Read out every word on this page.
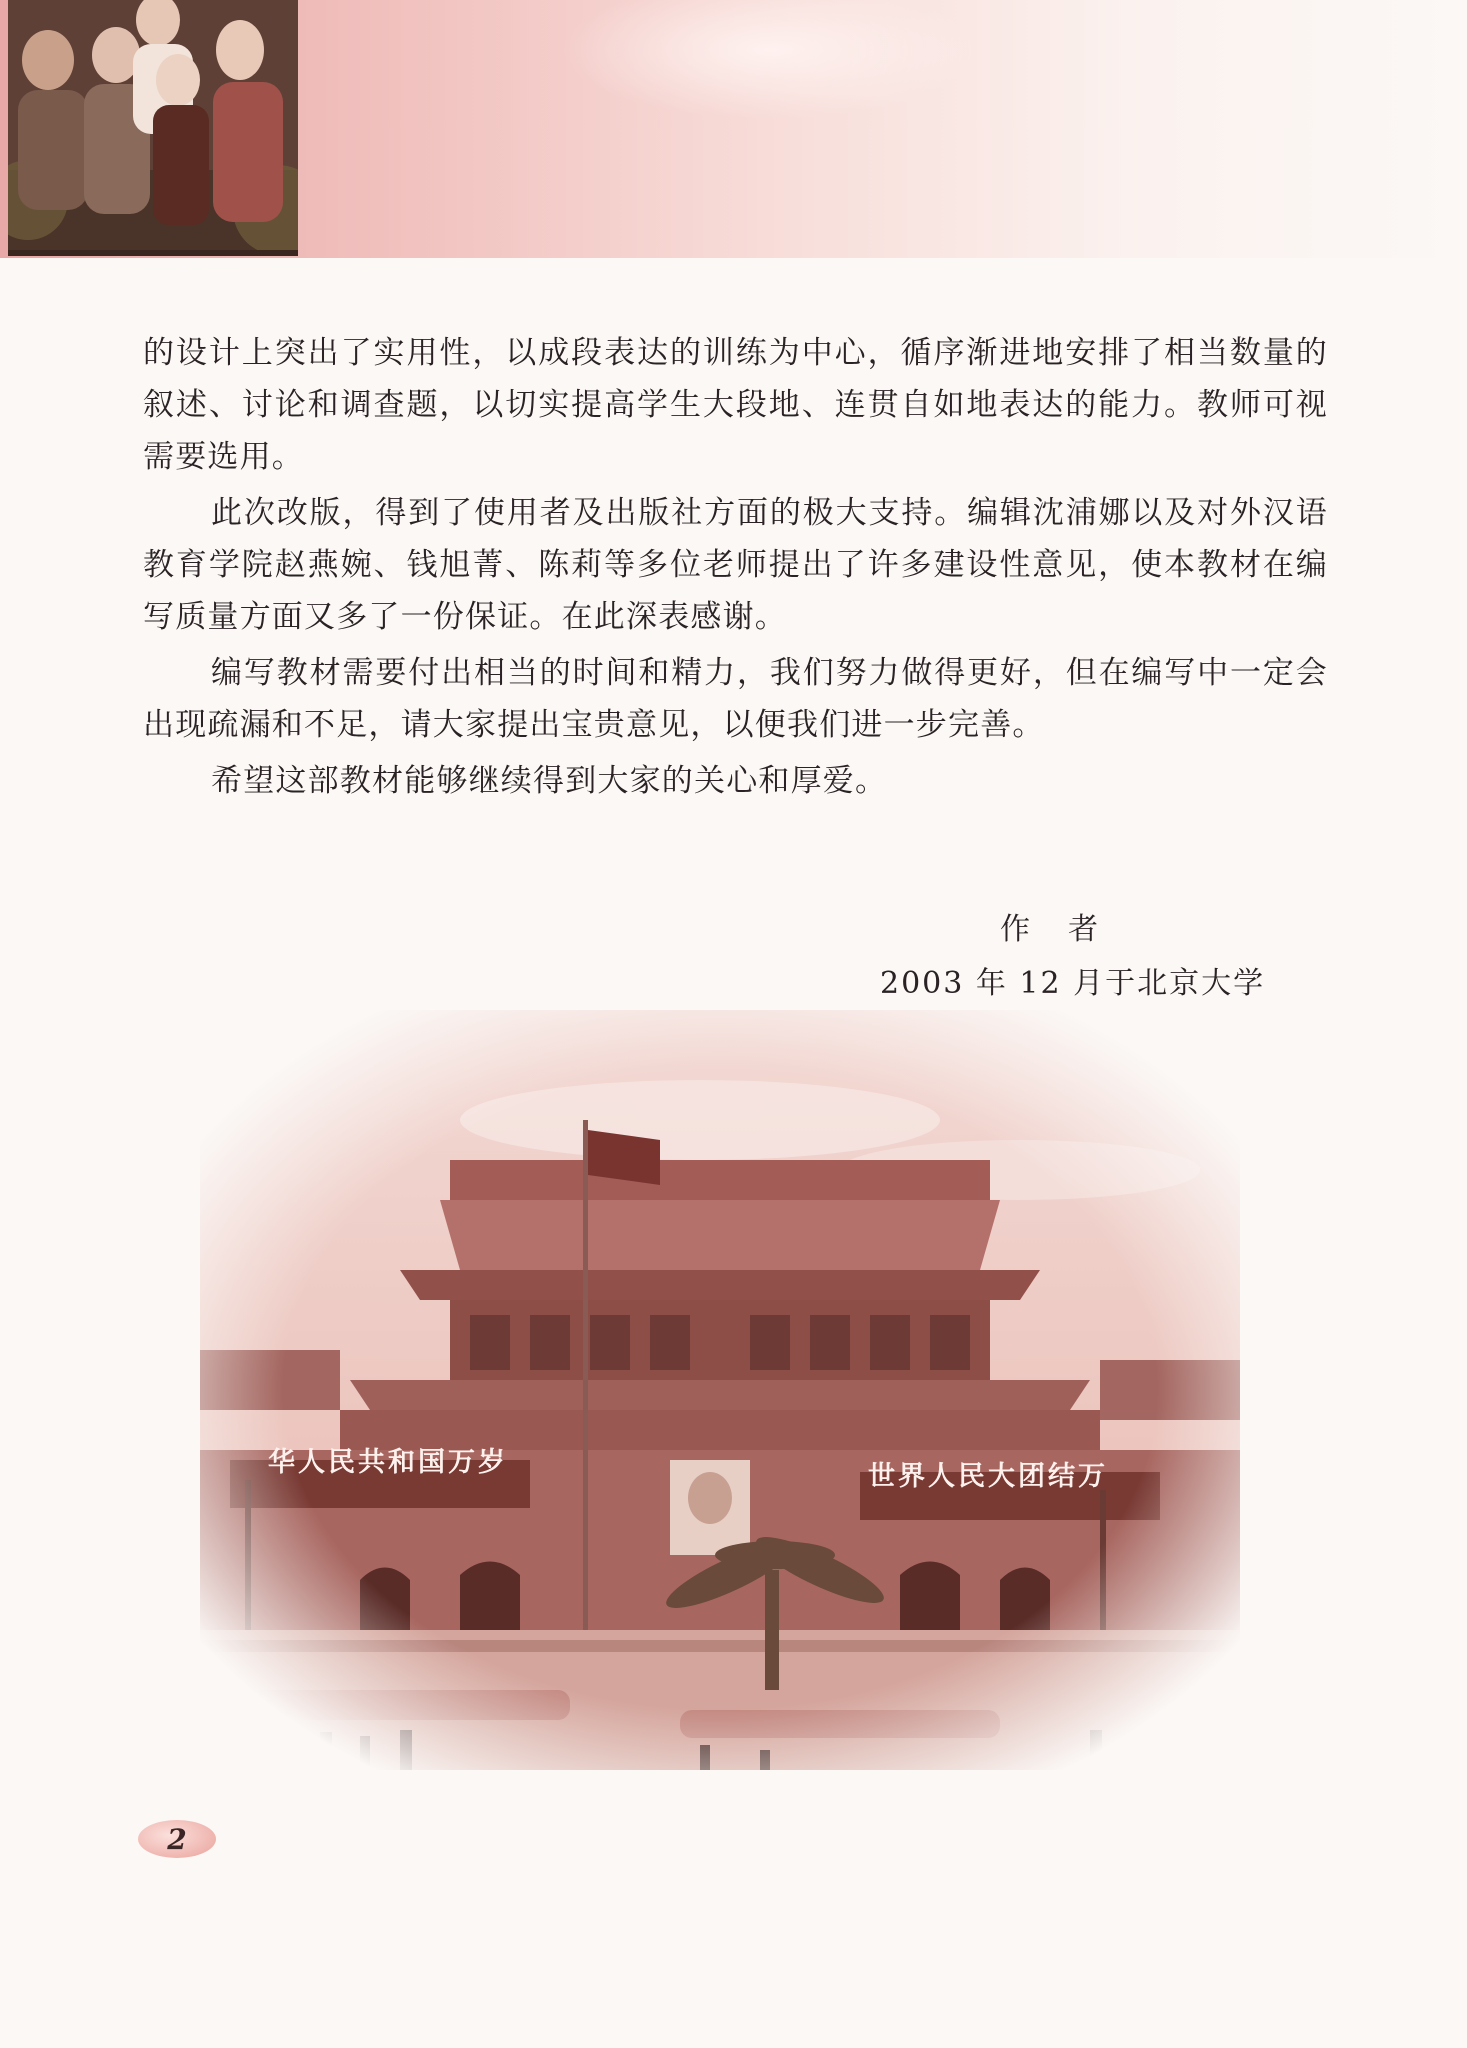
的设计上突出了实用性，以成段表达的训练为中心，循序渐进地安排了相当数量的叙述、讨论和调查题，以切实提高学生大段地、连贯自如地表达的能力。教师可视需要选用。

此次改版，得到了使用者及出版社方面的极大支持。编辑沈浦娜以及对外汉语教育学院赵燕婉、钱旭菁、陈莉等多位老师提出了许多建设性意见，使本教材在编写质量方面又多了一份保证。在此深表感谢。

编写教材需要付出相当的时间和精力，我们努力做得更好，但在编写中一定会出现疏漏和不足，请大家提出宝贵意见，以便我们进一步完善。

希望这部教材能够继续得到大家的关心和厚爱。

作者
2003 年 12 月于北京大学
华人民共和国万岁	世界人民大团结万
2
